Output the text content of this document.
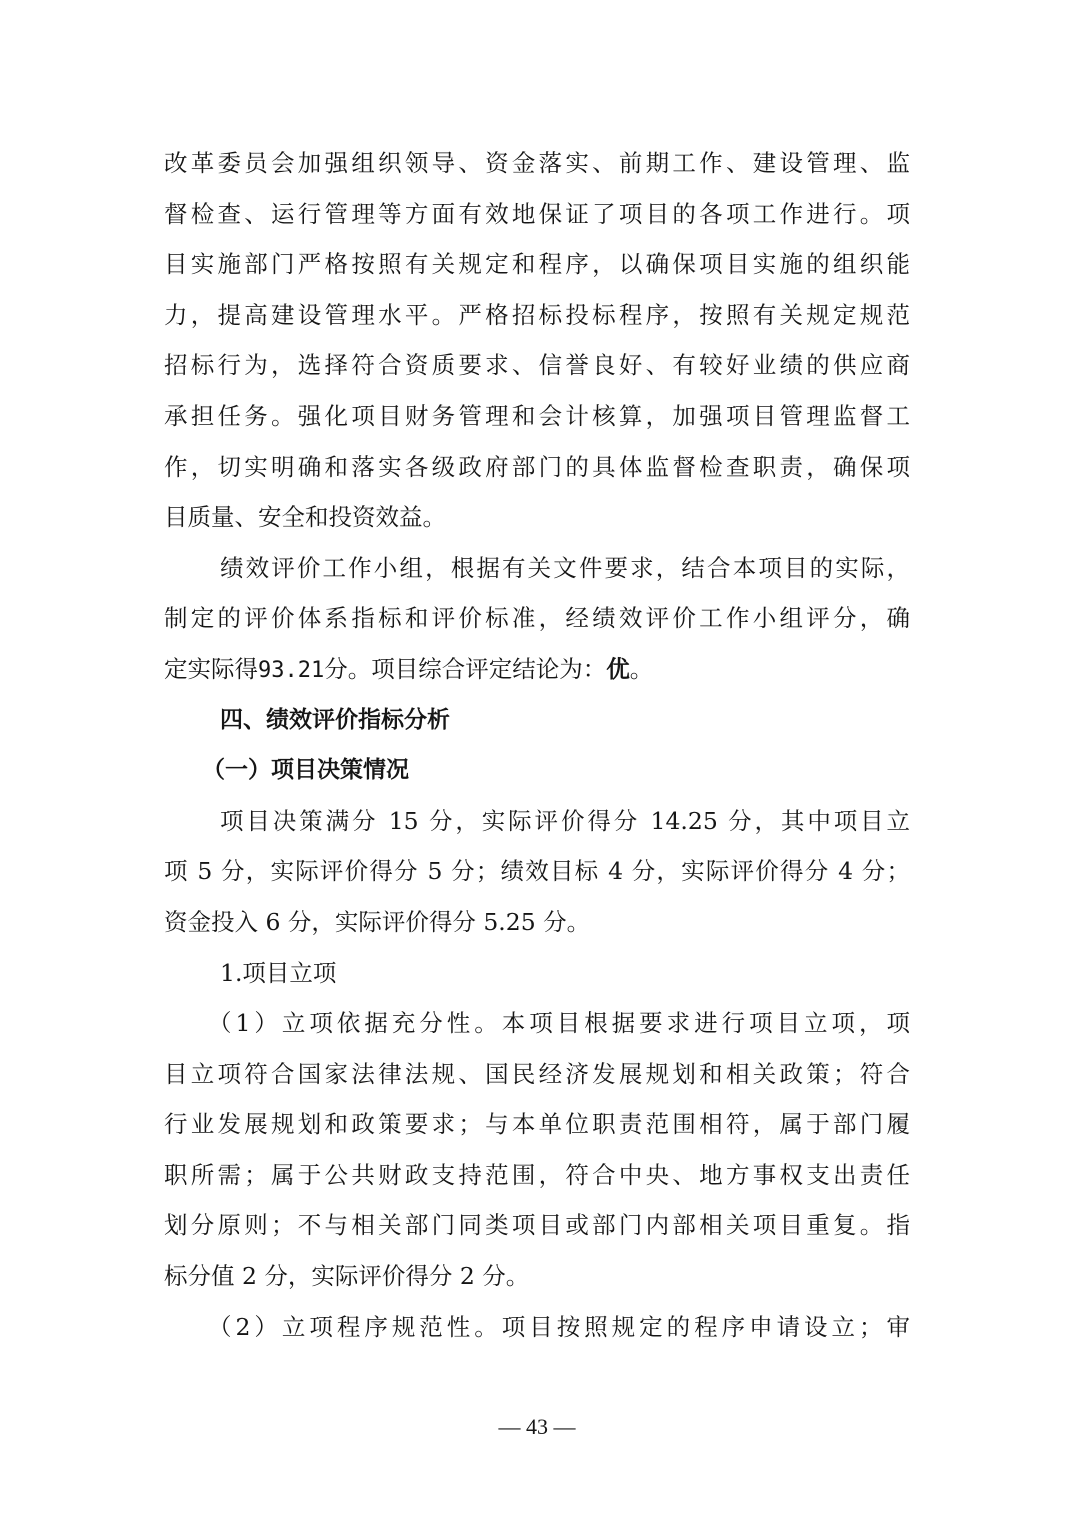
改革委员会加强组织领导、资金落实、前期工作、建设管理、监
督检查、运行管理等方面有效地保证了项目的各项工作进行。项
目实施部门严格按照有关规定和程序，以确保项目实施的组织能
力，提高建设管理水平。严格招标投标程序，按照有关规定规范
招标行为，选择符合资质要求、信誉良好、有较好业绩的供应商
承担任务。强化项目财务管理和会计核算，加强项目管理监督工
作，切实明确和落实各级政府部门的具体监督检查职责，确保项
目质量、安全和投资效益。
绩效评价工作小组，根据有关文件要求，结合本项目的实际，
制定的评价体系指标和评价标准，经绩效评价工作小组评分，确
定实际得93.21分。项目综合评定结论为：优。
四、绩效评价指标分析
（一）项目决策情况
项目决策满分 15 分，实际评价得分 14.25 分，其中项目立
项 5 分，实际评价得分 5 分；绩效目标 4 分，实际评价得分 4 分；
资金投入 6 分，实际评价得分 5.25 分。
1.项目立项
（1）立项依据充分性。本项目根据要求进行项目立项，项
目立项符合国家法律法规、国民经济发展规划和相关政策；符合
行业发展规划和政策要求；与本单位职责范围相符，属于部门履
职所需；属于公共财政支持范围，符合中央、地方事权支出责任
划分原则；不与相关部门同类项目或部门内部相关项目重复。指
标分值 2 分，实际评价得分 2 分。
（2）立项程序规范性。项目按照规定的程序申请设立；审
— 43 —
